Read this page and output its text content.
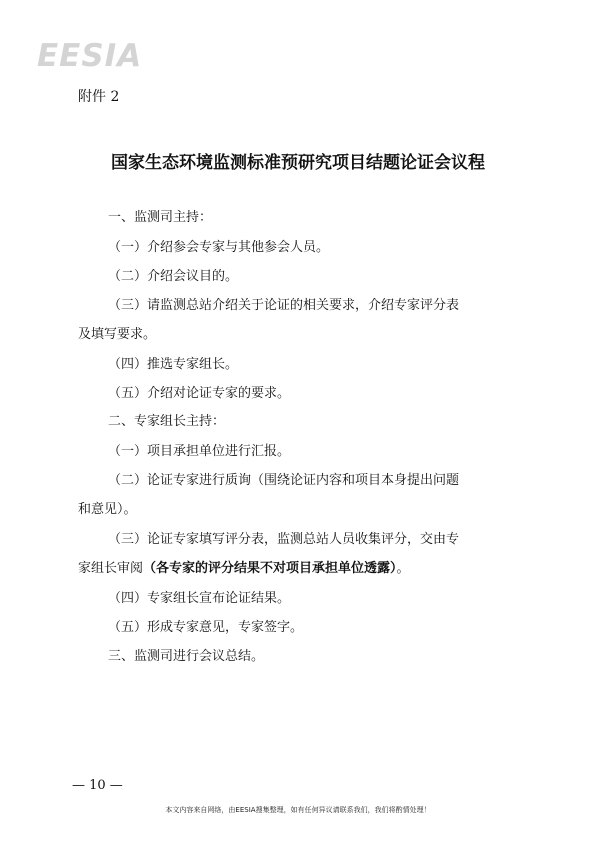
EESIA
附件 2
国家生态环境监测标准预研究项目结题论证会议程
一、监测司主持：
（一）介绍参会专家与其他参会人员。
（二）介绍会议目的。
（三）请监测总站介绍关于论证的相关要求，介绍专家评分表
及填写要求。
（四）推选专家组长。
（五）介绍对论证专家的要求。
二、专家组长主持：
（一）项目承担单位进行汇报。
（二）论证专家进行质询（围绕论证内容和项目本身提出问题
和意见）。
（三）论证专家填写评分表，监测总站人员收集评分，交由专
家组长审阅（各专家的评分结果不对项目承担单位透露）。
（四）专家组长宣布论证结果。
（五）形成专家意见，专家签字。
三、监测司进行会议总结。
— 10 —
本文内容来自网络，由EESIA搜集整理，如有任何异议请联系我们，我们将酌情处理！
